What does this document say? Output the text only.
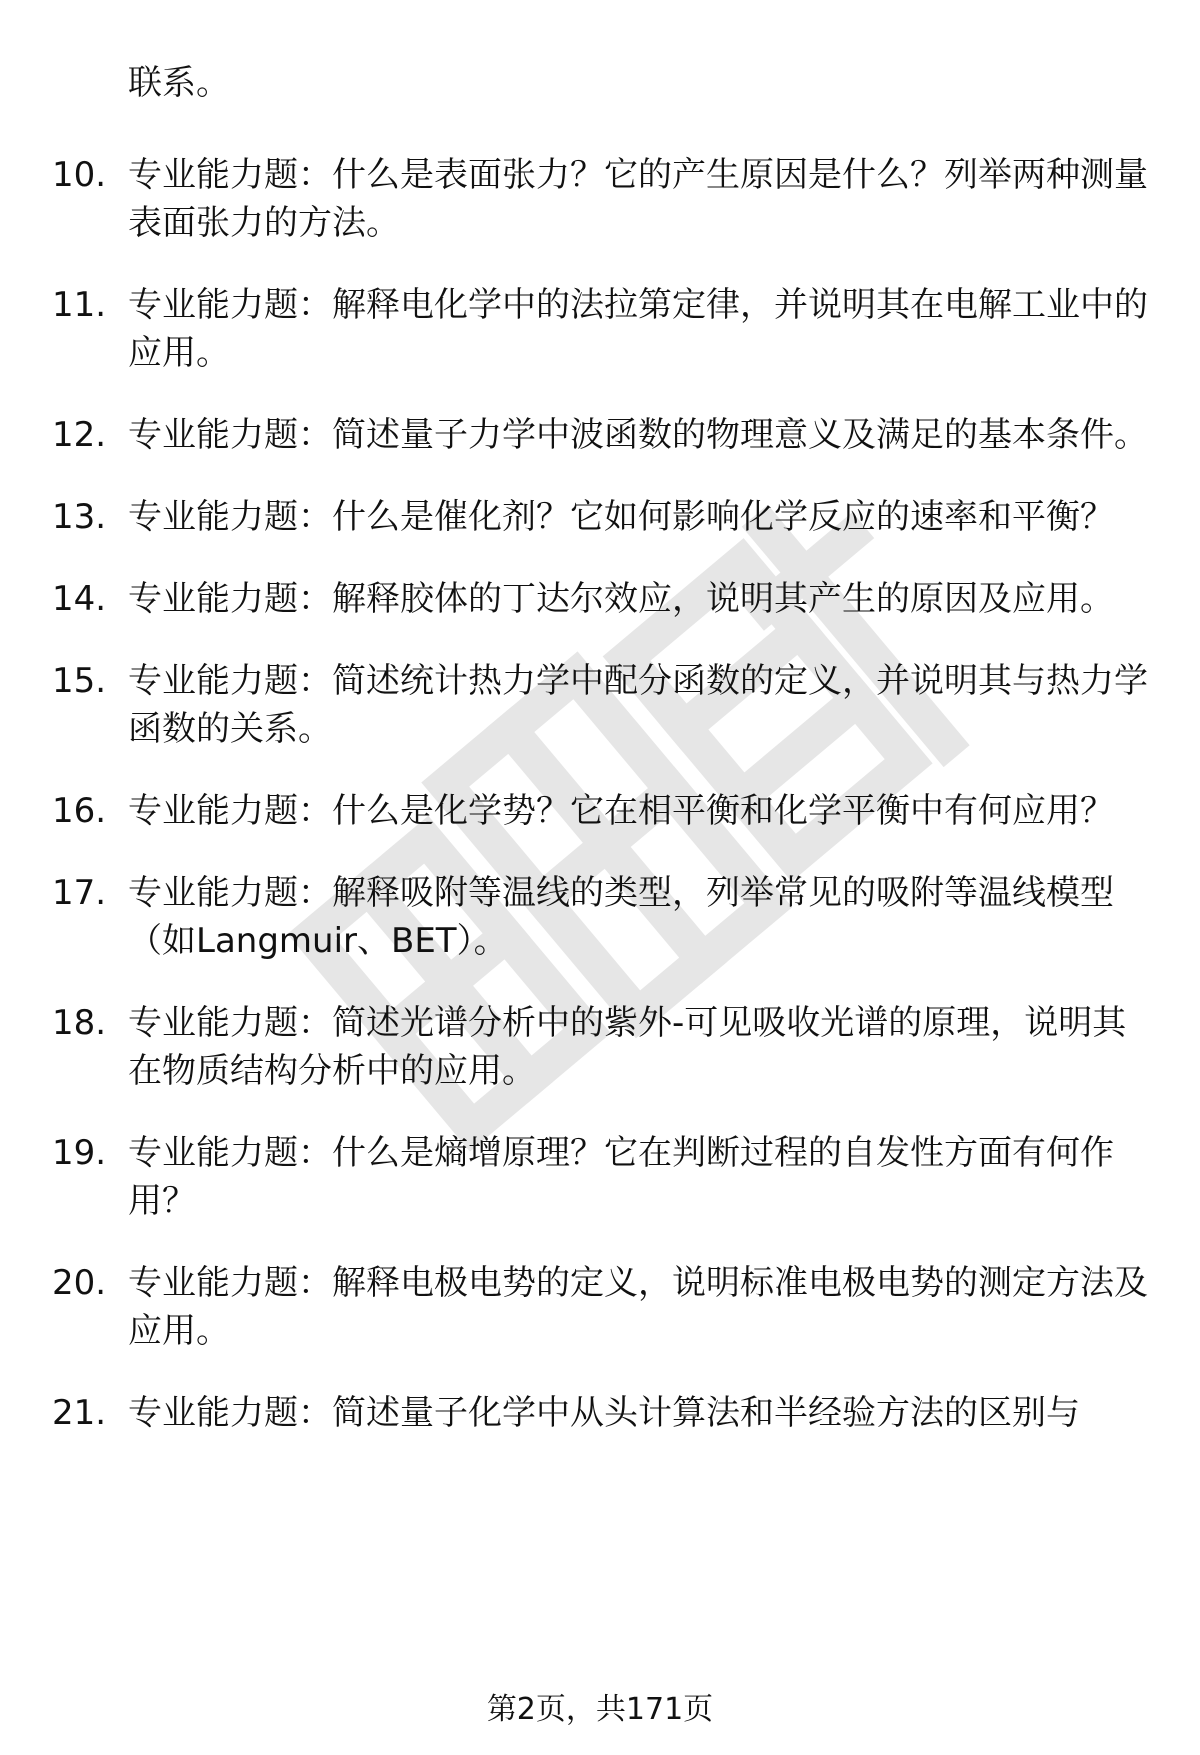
联系。
10. 专业能力题：什么是表面张力？它的产生原因是什么？列举两种测量表面张力的方法。
11. 专业能力题：解释电化学中的法拉第定律，并说明其在电解工业中的应用。
12. 专业能力题：简述量子力学中波函数的物理意义及满足的基本条件。
13. 专业能力题：什么是催化剂？它如何影响化学反应的速率和平衡？
14. 专业能力题：解释胶体的丁达尔效应，说明其产生的原因及应用。
15. 专业能力题：简述统计热力学中配分函数的定义，并说明其与热力学函数的关系。
16. 专业能力题：什么是化学势？它在相平衡和化学平衡中有何应用？
17. 专业能力题：解释吸附等温线的类型，列举常见的吸附等温线模型（如Langmuir、BET）。
18. 专业能力题：简述光谱分析中的紫外-可见吸收光谱的原理，说明其在物质结构分析中的应用。
19. 专业能力题：什么是熵增原理？它在判断过程的自发性方面有何作用？
20. 专业能力题：解释电极电势的定义，说明标准电极电势的测定方法及应用。
21. 专业能力题：简述量子化学中从头计算法和半经验方法的区别与
第2页，共171页
